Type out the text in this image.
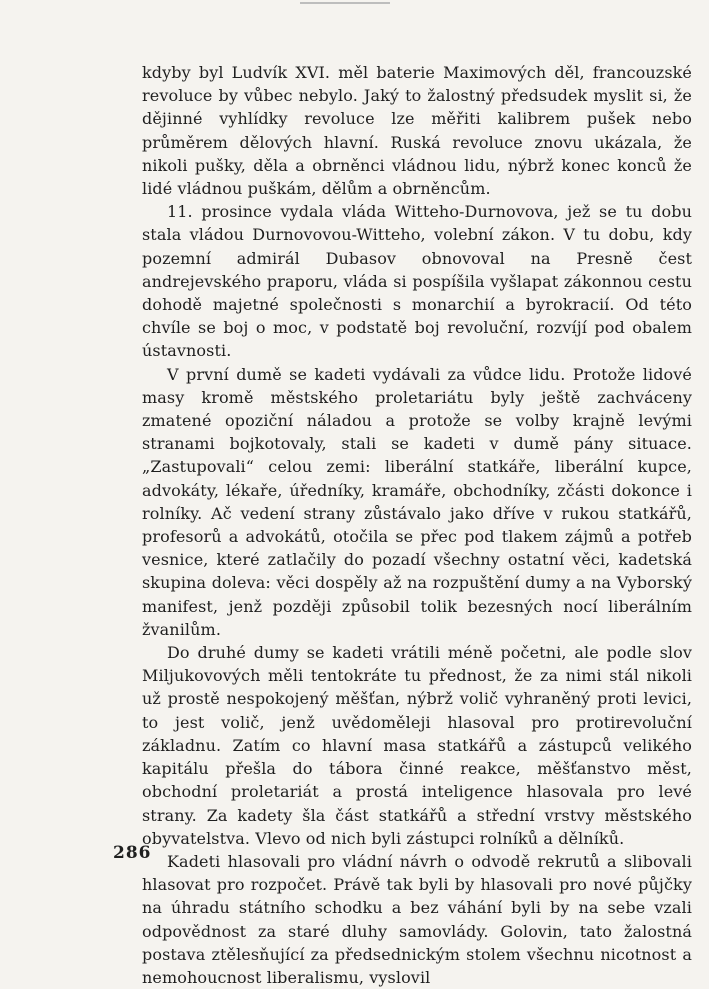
kdyby byl Ludvík XVI. měl baterie Maximových děl, francouzské revoluce by vůbec nebylo. Jaký to žalostný předsudek myslit si, že dějinné vyhlídky revoluce lze měřiti kalibrem pušek nebo průměrem dělových hlavní. Ruská revoluce znovu ukázala, že nikoli pušky, děla a obrněnci vládnou lidu, nýbrž konec konců že lidé vládnou puškám, dělům a obrněncům.

11. prosince vydala vláda Witteho-Durnovova, jež se tu dobu stala vládou Durnovovou-Witteho, volební zákon. V tu dobu, kdy pozemní admirál Dubasov obnovoval na Presně čest andrejevského praporu, vláda si pospíšila vyšlapat zákonnou cestu dohodě majetné společnosti s monarchií a byrokracií. Od této chvíle se boj o moc, v podstatě boj revoluční, rozvíjí pod obalem ústavnosti.

V první dumě se kadeti vydávali za vůdce lidu. Protože lidové masy kromě městského proletariátu byly ještě zachváceny zmatené opoziční náladou a protože se volby krajně levými stranami bojkotovaly, stali se kadeti v dumě pány situace. „Zastupovali“ celou zemi: liberální statkáře, liberální kupce, advokáty, lékaře, úředníky, kramáře, obchodníky, zčásti dokonce i rolníky. Ač vedení strany zůstávalo jako dříve v rukou statkářů, profesorů a advokátů, otočila se přec pod tlakem zájmů a potřeb vesnice, které zatlačily do pozadí všechny ostatní věci, kadetská skupina doleva: věci dospěly až na rozpuštění dumy a na Vyborský manifest, jenž později způsobil tolik bezesných nocí liberálním žvanilům.

Do druhé dumy se kadeti vrátili méně početni, ale podle slov Miljukovových měli tentokráte tu přednost, že za nimi stál nikoli už prostě nespokojený měšťan, nýbrž volič vyhraněný proti levici, to jest volič, jenž uvědoměleji hlasoval pro protirevoluční základnu. Zatím co hlavní masa statkářů a zástupců velikého kapitálu přešla do tábora činné reakce, měšťanstvo měst, obchodní proletariát a prostá inteligence hlasovala pro levé strany. Za kadety šla část statkářů a střední vrstvy městského obyvatelstva. Vlevo od nich byli zástupci rolníků a dělníků.

Kadeti hlasovali pro vládní návrh o odvodě rekrutů a slibovali hlasovat pro rozpočet. Právě tak byli by hlasovali pro nové půjčky na úhradu státního schodku a bez váhání byli by na sebe vzali odpovědnost za staré dluhy samovlády. Golovin, tato žalostná postava ztělesňující za předsednickým stolem všechnu nicotnost a nemohoucnost liberalismu, vyslovil

286
